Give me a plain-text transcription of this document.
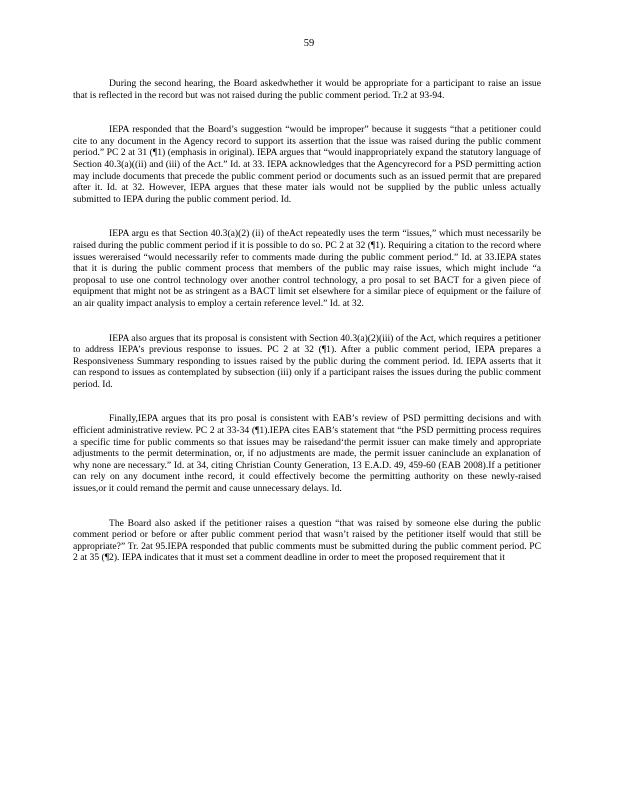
59

During the second hearing, the Board askedwhether it would be appropriate for a participant to raise an issue that is reflected in the record but was not raised during the public comment period. Tr.2 at 93-94.

IEPA responded that the Board’s suggestion “would be improper” because it suggests “that a petitioner could cite to any document in the Agency record to support its assertion that the issue was raised during the public comment period.” PC 2 at 31 (¶1) (emphasis in original). IEPA argues that “would inappropriately expand the statutory language of Section 40.3(a)((ii) and (iii) of the Act.” Id. at 33. IEPA acknowledges that the Agencyrecord for a PSD permitting action may include documents that precede the public comment period or documents such as an issued permit that are prepared after it. Id. at 32. However, IEPA argues that these mater ials would not be supplied by the public unless actually submitted to IEPA during the public comment period. Id.

IEPA argu es that Section 40.3(a)(2) (ii) of theAct repeatedly uses the term “issues,” which must necessarily be raised during the public comment period if it is possible to do so. PC 2 at 32 (¶1). Requiring a citation to the record where issues wereraised “would necessarily refer to comments made during the public comment period.” Id. at 33.IEPA states that it is during the public comment process that members of the public may raise issues, which might include “a proposal to use one control technology over another control technology, a pro posal to set BACT for a given piece of equipment that might not be as stringent as a BACT limit set elsewhere for a similar piece of equipment or the failure of an air quality impact analysis to employ a certain reference level.” Id. at 32.

IEPA also argues that its proposal is consistent with Section 40.3(a)(2)(iii) of the Act, which requires a petitioner to address IEPA’s previous response to issues. PC 2 at 32 (¶1). After a public comment period, IEPA prepares a Responsiveness Summary responding to issues raised by the public during the comment period. Id. IEPA asserts that it can respond to issues as contemplated by subsection (iii) only if a participant raises the issues during the public comment period. Id.

Finally,IEPA argues that its pro posal is consistent with EAB’s review of PSD permitting decisions and with efficient administrative review. PC 2 at 33-34 (¶1).IEPA cites EAB’s statement that “the PSD permitting process requires a specific time for public comments so that issues may be raisedand‘the permit issuer can make timely and appropriate adjustments to the permit determination, or, if no adjustments are made, the permit issuer caninclude an explanation of why none are necessary.” Id. at 34, citing Christian County Generation, 13 E.A.D. 49, 459-60 (EAB 2008).If a petitioner can rely on any document inthe record, it could effectively become the permitting authority on these newly-raised issues,or it could remand the permit and cause unnecessary delays. Id.

The Board also asked if the petitioner raises a question “that was raised by someone else during the public comment period or before or after public comment period that wasn’t raised by the petitioner itself would that still be appropriate?” Tr. 2at 95.IEPA responded that public comments must be submitted during the public comment period. PC 2 at 35 (¶2). IEPA indicates that it must set a comment deadline in order to meet the proposed requirement that it
